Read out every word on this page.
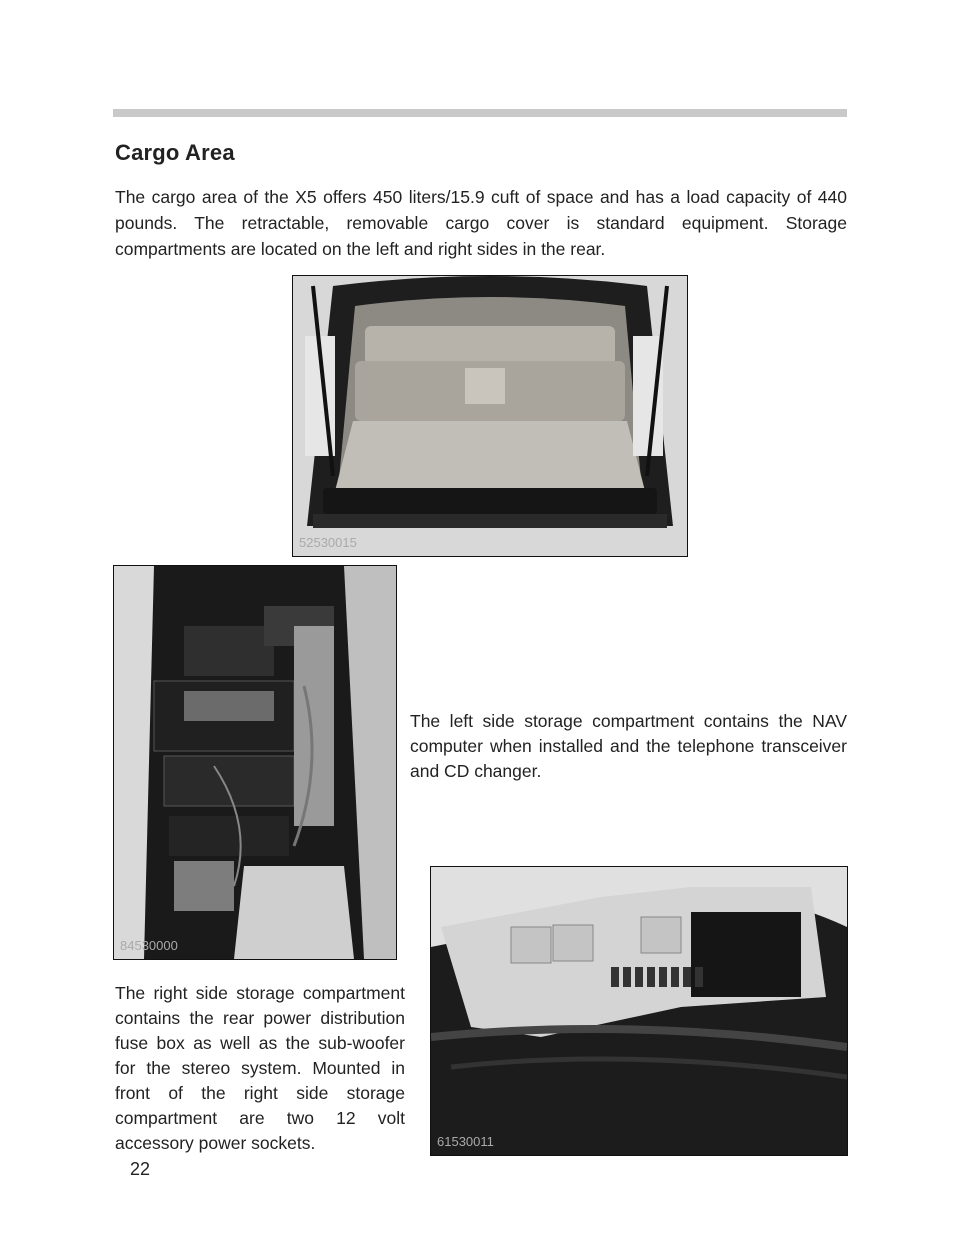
Cargo Area
The cargo area of the X5 offers 450 liters/15.9 cuft of space and has a load capacity of 440 pounds. The retractable, removable cargo cover is standard equipment. Storage compartments are located on the left and right sides in the rear.
52530015
84530000
The left side storage compartment contains the NAV computer when installed and the telephone transceiver and CD changer.
61530011
The right side storage compartment contains the rear power distribution fuse box as well as the sub-woofer for the stereo system. Mounted in front of the right side storage compartment are two 12 volt accessory power sockets.
22
